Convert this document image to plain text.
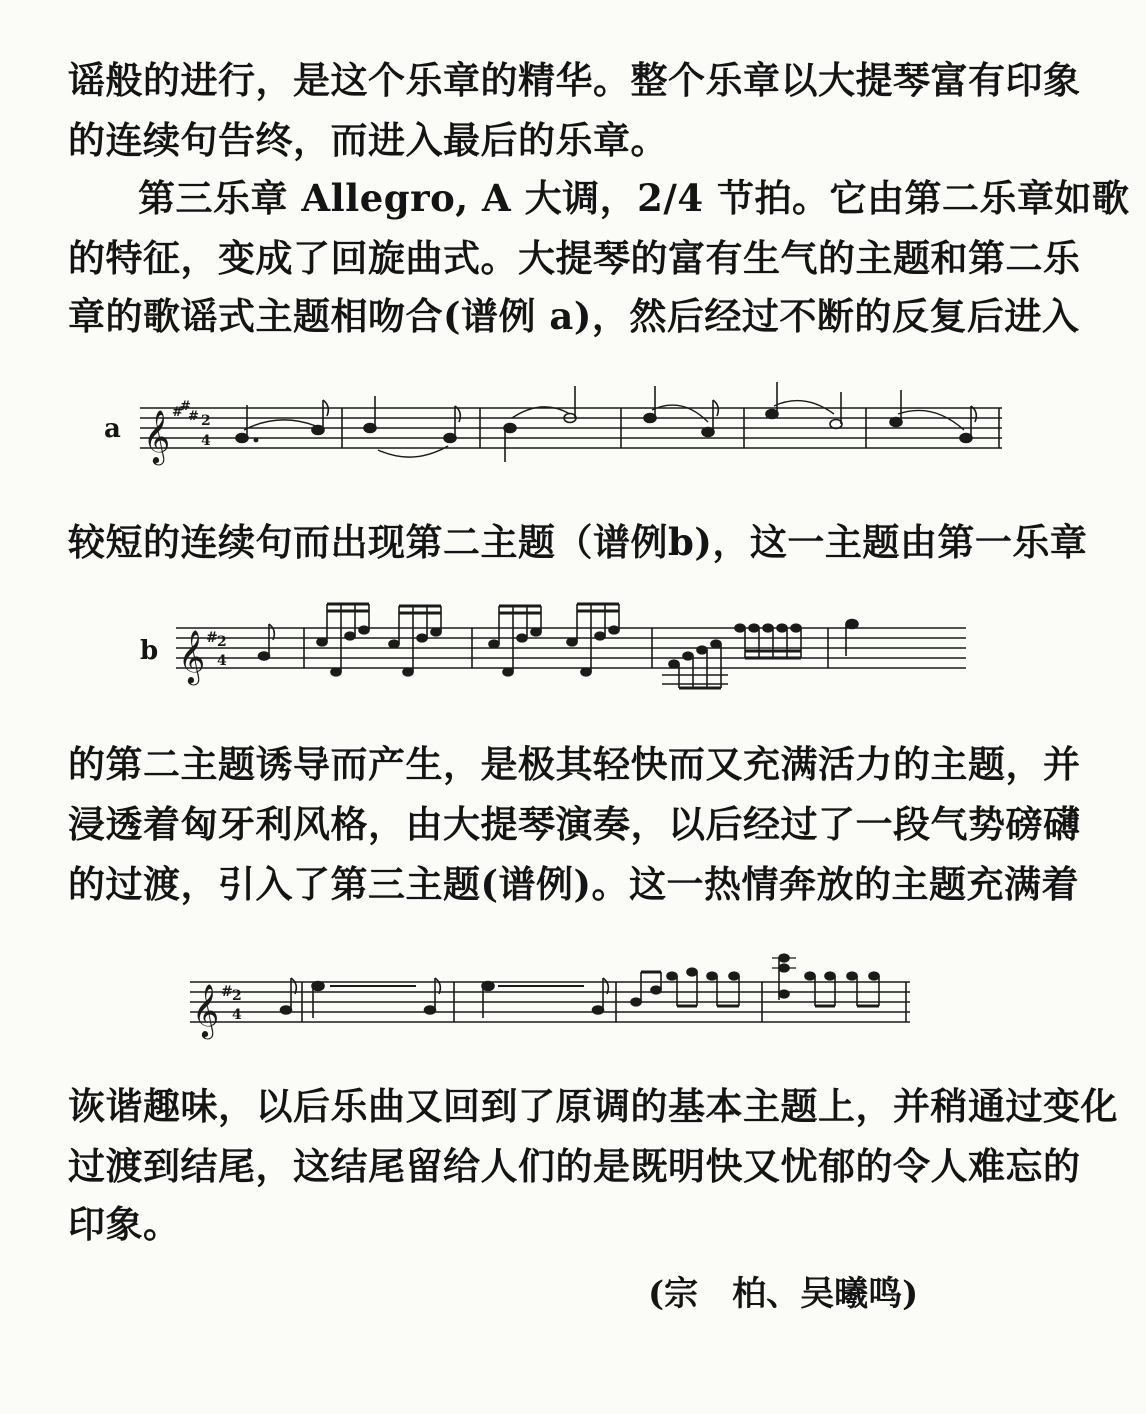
谣般的进行，是这个乐章的精华。整个乐章以大提琴富有印象
的连续句告终，而进入最后的乐章。
第三乐章 Allegro, A 大调，2/4 节拍。它由第二乐章如歌
的特征，变成了回旋曲式。大提琴的富有生气的主题和第二乐
章的歌谣式主题相吻合(谱例 a)，然后经过不断的反复后进入
a 𝄞 #
#
# 2
4
较短的连续句而出现第二主题（谱例b)，这一主题由第一乐章
b 𝄞 # 2
4
的第二主题诱导而产生，是极其轻快而又充满活力的主题，并
浸透着匈牙利风格，由大提琴演奏，以后经过了一段气势磅礴
的过渡，引入了第三主题(谱例)。这一热情奔放的主题充满着
𝄞 # 2
4
诙谐趣味，以后乐曲又回到了原调的基本主题上，并稍通过变化
过渡到结尾，这结尾留给人们的是既明快又忧郁的令人难忘的
印象。
(宗　柏、吴曦鸣)
